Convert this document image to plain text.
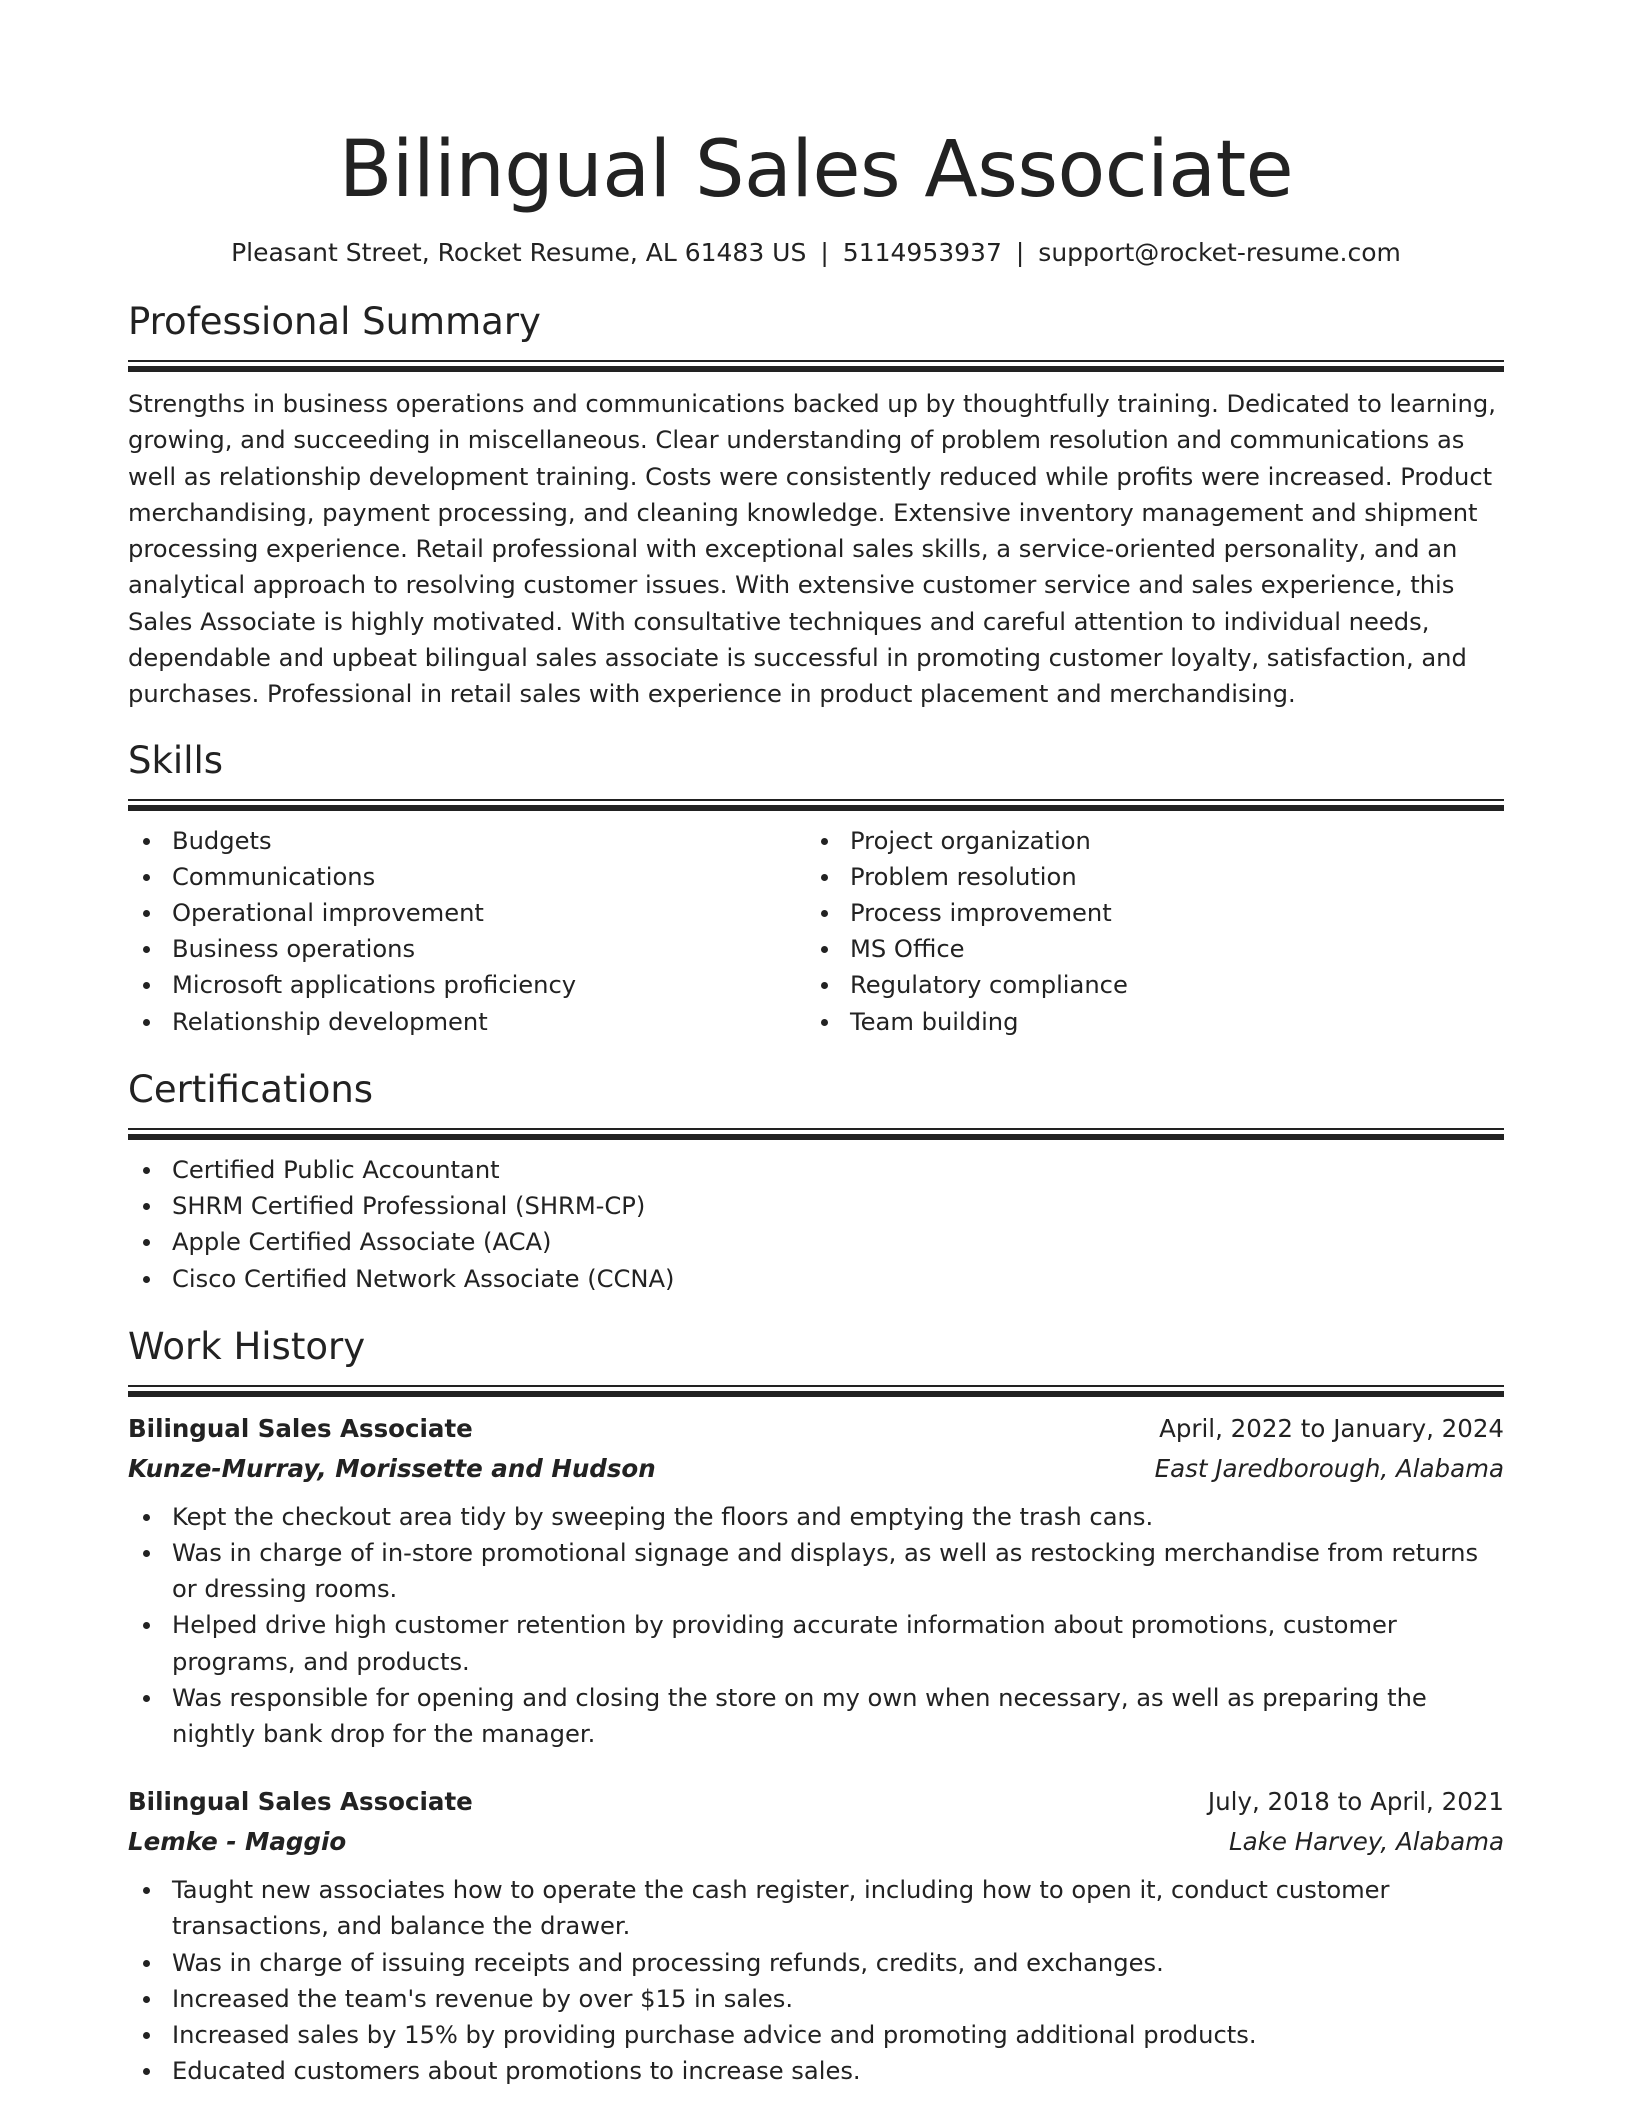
Bilingual Sales Associate
Pleasant Street, Rocket Resume, AL 61483 US | 5114953937 | support@rocket-resume.com
Professional Summary

Strengths in business operations and communications backed up by thoughtfully training. Dedicated to learning, growing, and succeeding in miscellaneous. Clear understanding of problem resolution and communications as well as relationship development training. Costs were consistently reduced while profits were increased. Product merchandising, payment processing, and cleaning knowledge. Extensive inventory management and shipment processing experience. Retail professional with exceptional sales skills, a service-oriented personality, and an analytical approach to resolving customer issues. With extensive customer service and sales experience, this Sales Associate is highly motivated. With consultative techniques and careful attention to individual needs, dependable and upbeat bilingual sales associate is successful in promoting customer loyalty, satisfaction, and purchases. Professional in retail sales with experience in product placement and merchandising.

Skills
Budgets
Communications
Operational improvement
Business operations
Microsoft applications proficiency
Relationship development
Project organization
Problem resolution
Process improvement
MS Office
Regulatory compliance
Team building
Certifications
Certified Public Accountant
SHRM Certified Professional (SHRM-CP)
Apple Certified Associate (ACA)
Cisco Certified Network Associate (CCNA)
Work History
Bilingual Sales Associate	April, 2022 to January, 2024
Kunze-Murray, Morissette and Hudson	East Jaredborough, Alabama
Kept the checkout area tidy by sweeping the floors and emptying the trash cans.
Was in charge of in-store promotional signage and displays, as well as restocking merchandise from returns or dressing rooms.
Helped drive high customer retention by providing accurate information about promotions, customer programs, and products.
Was responsible for opening and closing the store on my own when necessary, as well as preparing the nightly bank drop for the manager.
Bilingual Sales Associate	July, 2018 to April, 2021
Lemke - Maggio	Lake Harvey, Alabama
Taught new associates how to operate the cash register, including how to open it, conduct customer transactions, and balance the drawer.
Was in charge of issuing receipts and processing refunds, credits, and exchanges.
Increased the team's revenue by over $15 in sales.
Increased sales by 15% by providing purchase advice and promoting additional products.
Educated customers about promotions to increase sales.
